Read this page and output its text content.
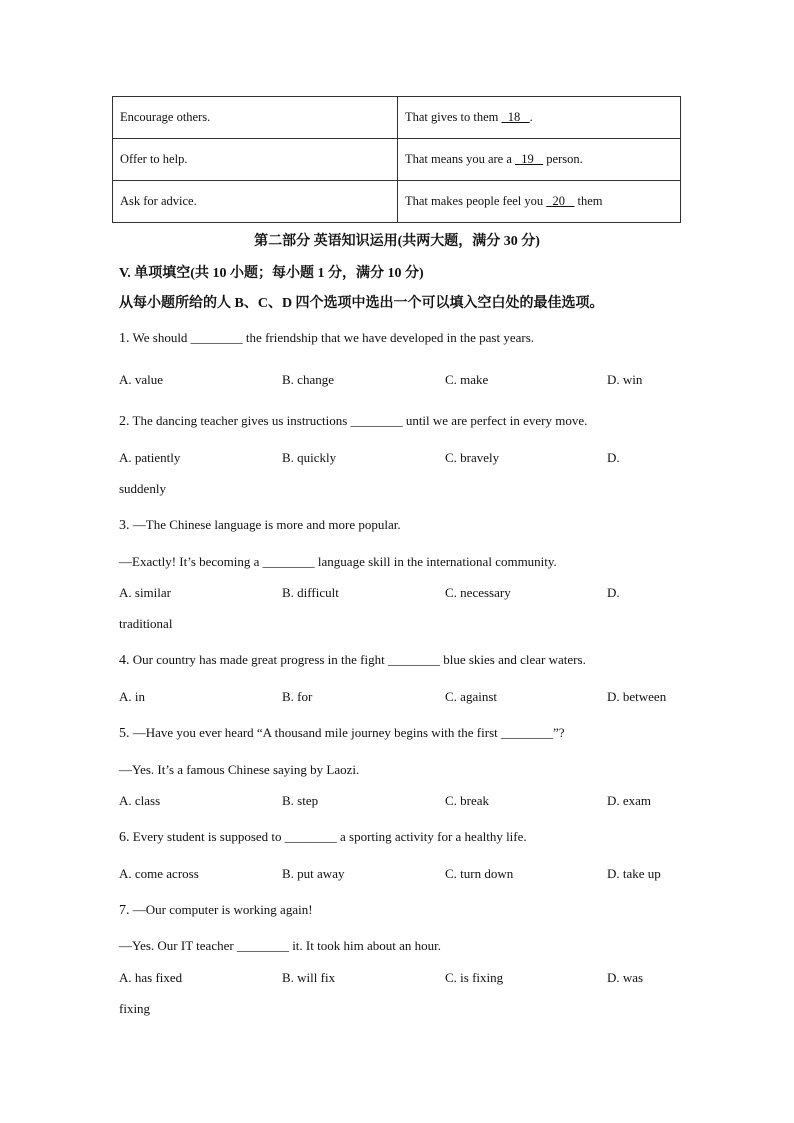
Encourage others.	That gives to them   18   .
Offer to help.	That means you are a   19    person.
Ask for advice.	That makes people feel you   20    them
第二部分 英语知识运用(共两大题，满分 30 分)
V. 单项填空(共 10 小题；每小题 1 分，满分 10 分)
从每小题所给的人 B、C、D 四个选项中选出一个可以填入空白处的最佳选项。
1. We should ________ the friendship that we have developed in the past years.
A. value	B. change	C. make	D. win
2. The dancing teacher gives us instructions ________ until we are perfect in every move.
A. patiently	B. quickly	C. bravely	D.
suddenly
3. —The Chinese language is more and more popular.
—Exactly! It’s becoming a ________ language skill in the international community.
A. similar	B. difficult	C. necessary	D.
traditional
4. Our country has made great progress in the fight ________ blue skies and clear waters.
A. in	B. for	C. against	D. between
5. —Have you ever heard “A thousand mile journey begins with the first ________”?
—Yes. It’s a famous Chinese saying by Laozi.
A. class	B. step	C. break	D. exam
6. Every student is supposed to ________ a sporting activity for a healthy life.
A. come across	B. put away	C. turn down	D. take up
7. —Our computer is working again!
—Yes. Our IT teacher ________ it. It took him about an hour.
A. has fixed	B. will fix	C. is fixing	D. was
fixing
